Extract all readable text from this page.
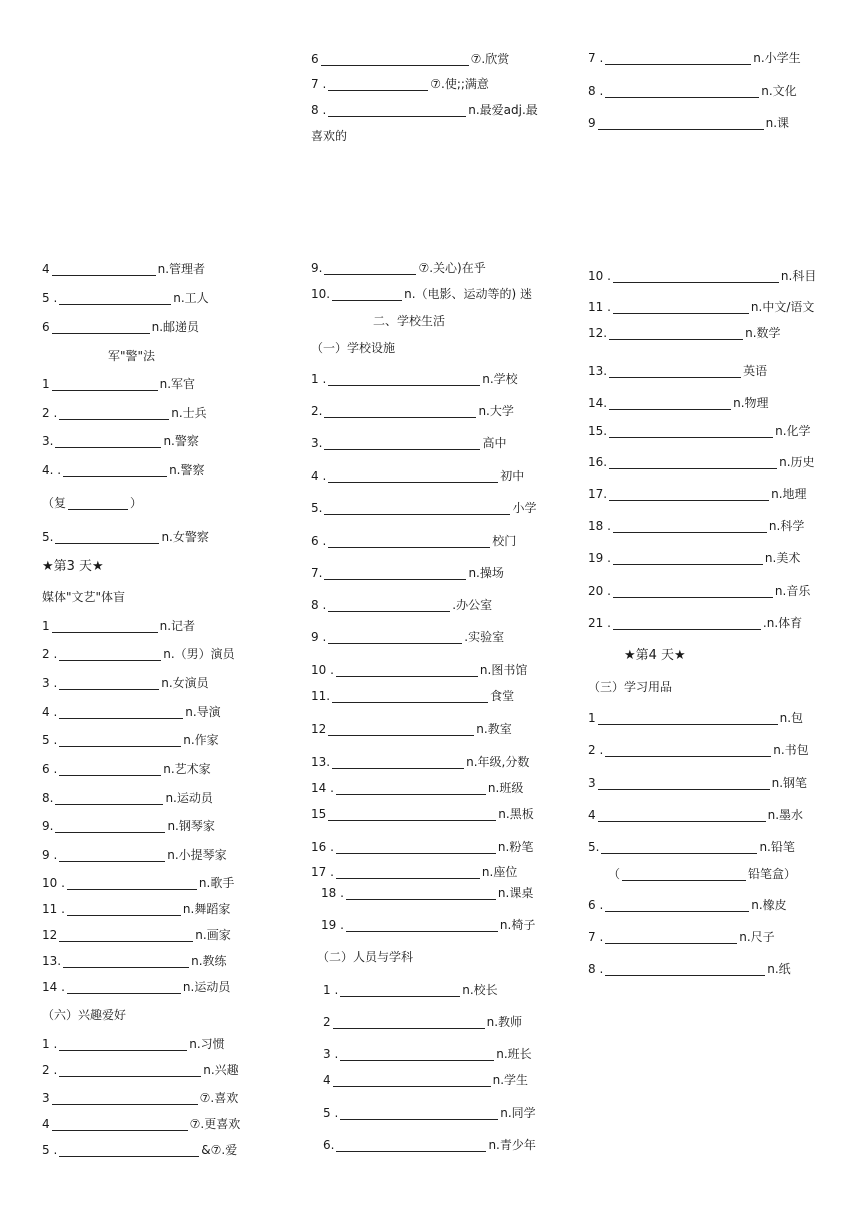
4	n.管理者
5 .	n.工人
6	n.邮递员
军"警"法
1	n.军官
2 .	n.士兵
3.	n.警察
4. .	n.警察
（复	）
5.	n.女警察
★第3 天★
媒体"文艺"体盲
1	n.记者
2 .	n.（男）演员
3 .	n.女演员
4 .	n.导演
5 .	n.作家
6 .	n.艺术家
8.	n.运动员
9.	n.钢琴家
9 .	n.小提琴家
10 .	n.歌手
11 .	n.舞蹈家
12	n.画家
13.	n.教练
14 .	n.运动员
（六）兴趣爱好
1 .	n.习惯
2 .	n.兴趣
3	⑦.喜欢
4	⑦.更喜欢
5 .	&⑦.爱
6	⑦.欣赏
7 .	⑦.使;;满意
8 .	n.最爱adj.最
喜欢的
9.	⑦.关心)在乎
10.	n.（电影、运动等的) 迷
二、学校生活
（一）学校设施
1 .	n.学校
2.	n.大学
3.	高中
4 .	初中
5.	小学
6 .	校门
7.	n.操场
8 .	.办公室
9 .	.实验室
10 .	n.图书馆
11.	食堂
12	n.教室
13.	n.年级,分数
14 .	n.班级
15	n.黑板
16 .	n.粉笔
17 .	n.座位
18 .	n.课桌
19 .	n.椅子
（二）人员与学科
1 .	n.校长
2	n.教师
3 .	n.班长
4	n.学生
5 .	n.同学
6.	n.青少年
7 .	n.小学生
8 .	n.文化
9	n.课
10 .	n.科目
11 .	n.中文/语文
12.	n.数学
13.	英语
14.	n.物理
15.	n.化学
16.	n.历史
17.	n.地理
18 .	n.科学
19 .	n.美术
20 .	n.音乐
21 .	.n.体育
★第4 天★
（三）学习用品
1	n.包
2 .	n.书包
3	n.钢笔
4	n.墨水
5.	n.铅笔
（	铅笔盒）
6 .	n.橡皮
7 .	n.尺子
8 .	n.纸
